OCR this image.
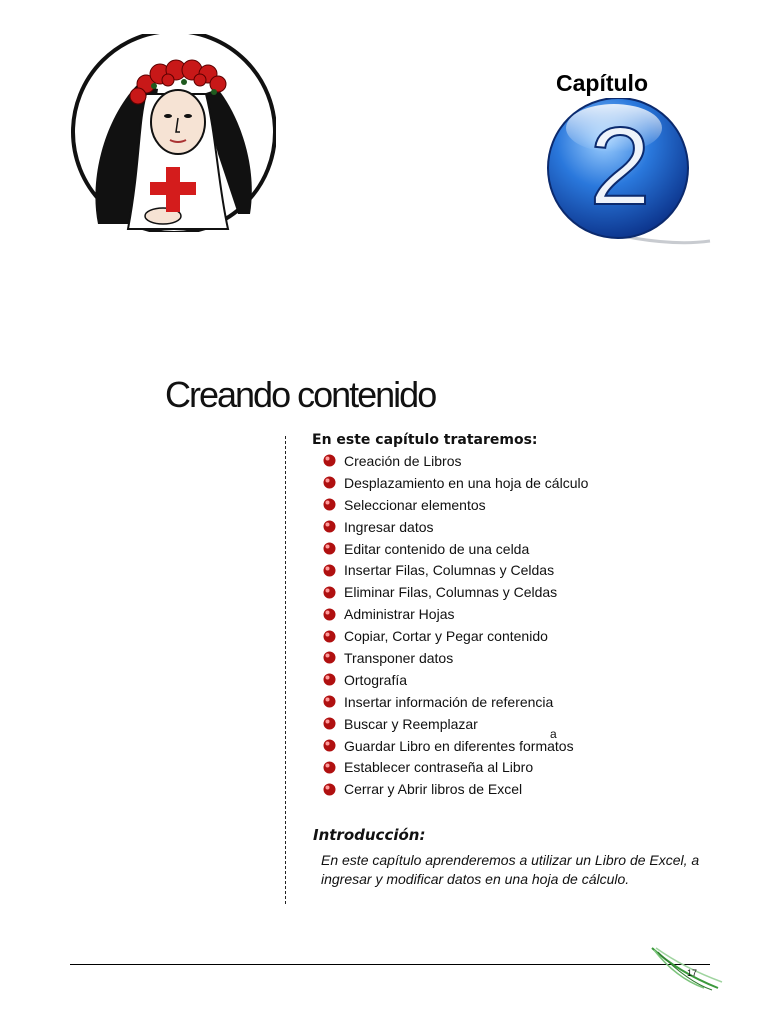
Capítulo
2
Creando contenido
En este capítulo trataremos:
Creación de Libros
Desplazamiento en una hoja de cálculo
Seleccionar elementos
Ingresar datos
Editar contenido de una celda
Insertar Filas, Columnas y Celdas
Eliminar Filas, Columnas y Celdas
Administrar Hojas
Copiar, Cortar y Pegar contenido
Transponer datos
Ortografía
Insertar información de referencia
Buscar y Reemplazar
Guardar Libro en diferentes formatos
Establecer contraseña al Libro
Cerrar y Abrir libros de Excel
a
Introducción:
En este capítulo aprenderemos a utilizar un Libro de Excel, a ingresar y modificar datos en una hoja de cálculo.
17
